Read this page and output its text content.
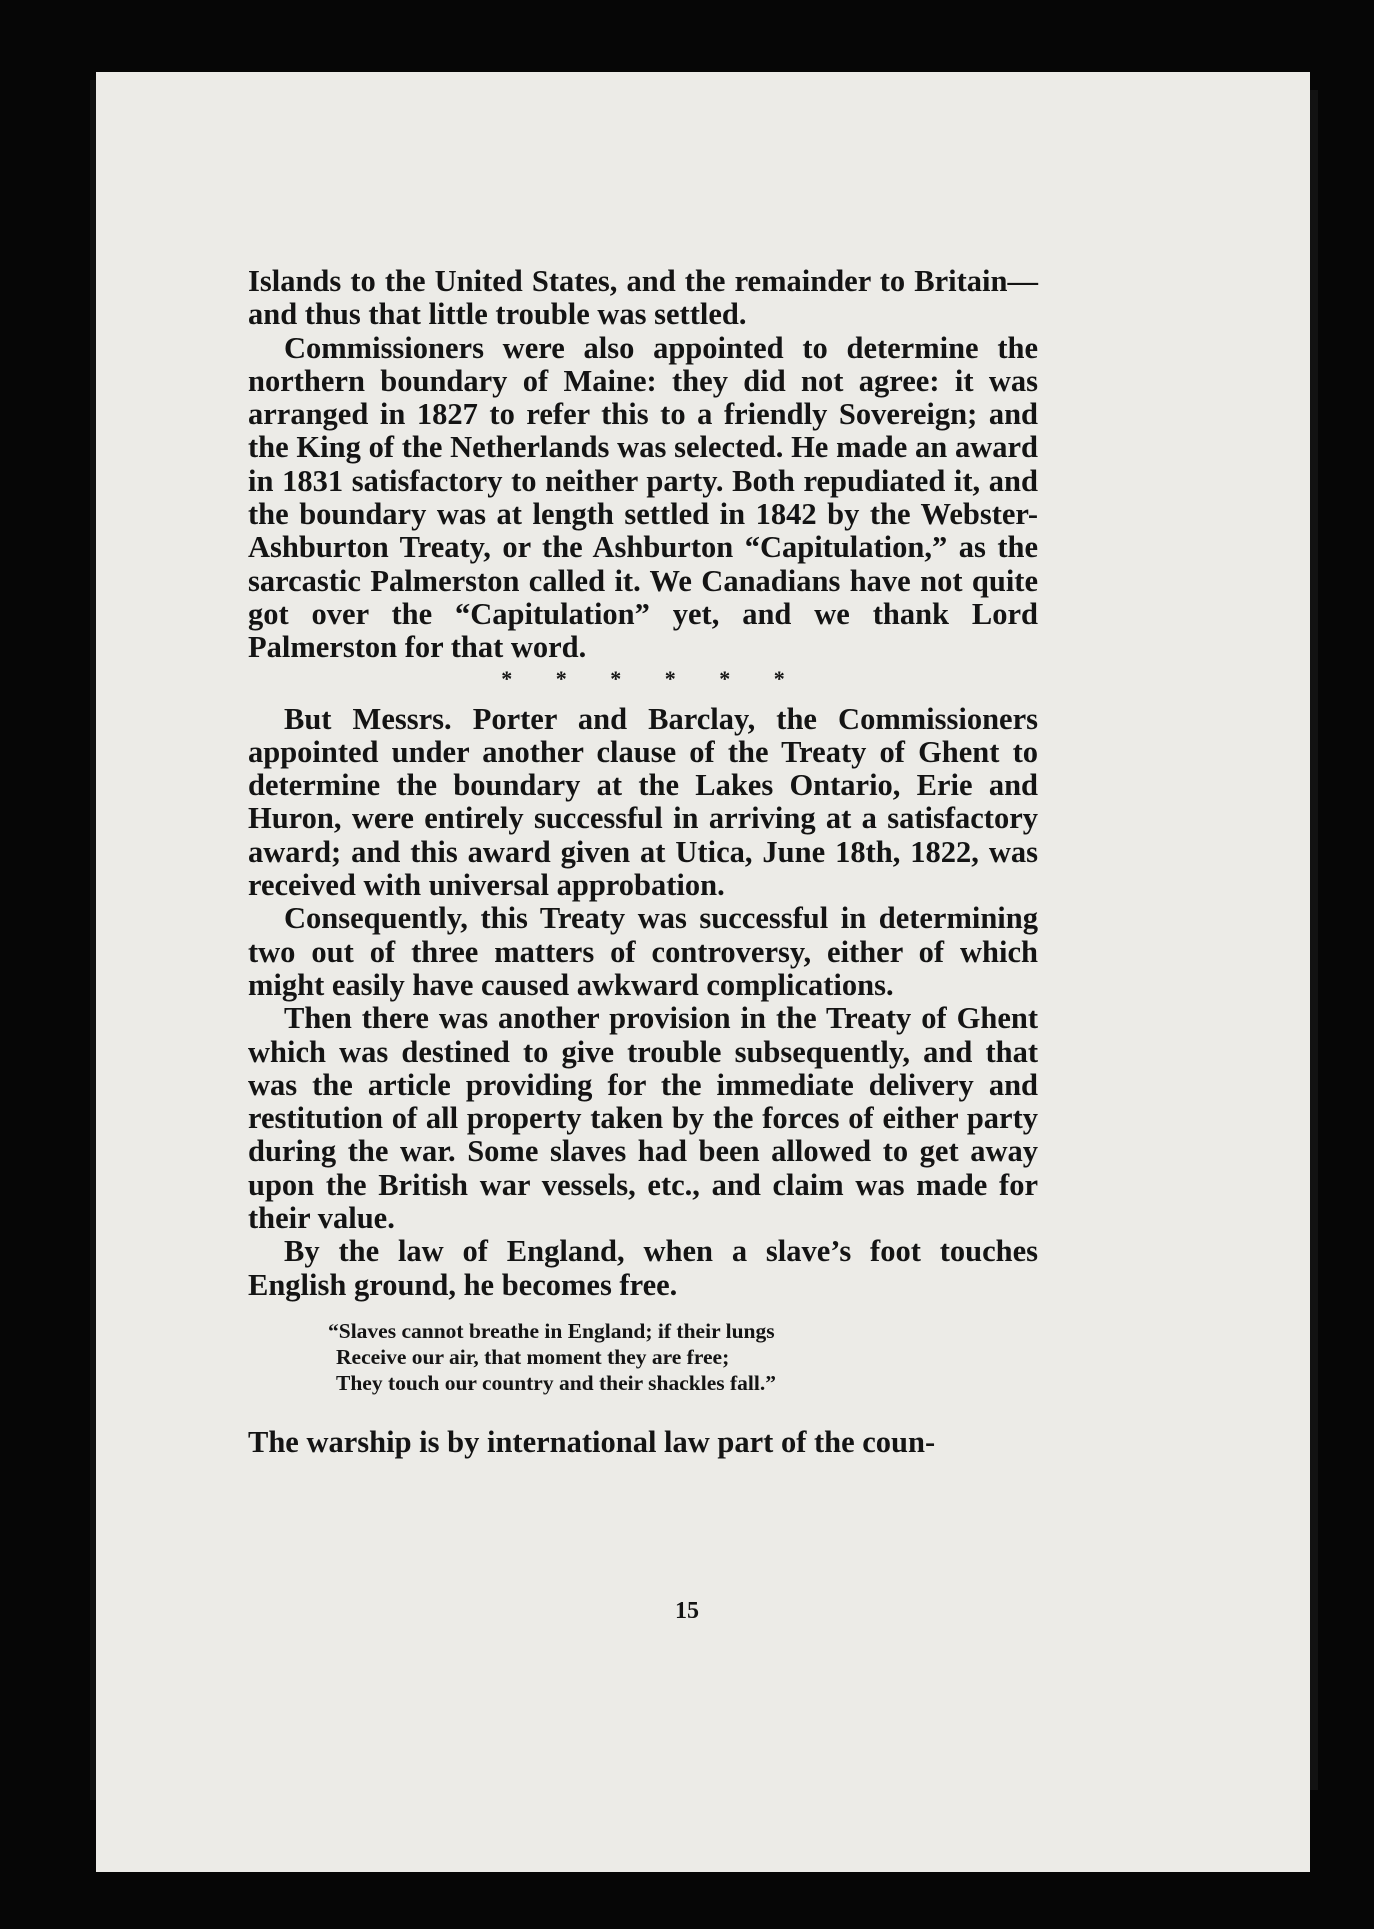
Islands to the United States, and the remainder to Britain—and thus that little trouble was settled.

Commissioners were also appointed to determine the northern boundary of Maine: they did not agree: it was arranged in 1827 to refer this to a friendly Sovereign; and the King of the Netherlands was selected. He made an award in 1831 satisfactory to neither party. Both repudiated it, and the boundary was at length settled in 1842 by the Webster-Ashburton Treaty, or the Ashburton “Capitulation,” as the sarcastic Palmerston called it. We Canadians have not quite got over the “Capitulation” yet, and we thank Lord Palmerston for that word.

* * * * * *

But Messrs. Porter and Barclay, the Commissioners appointed under another clause of the Treaty of Ghent to determine the boundary at the Lakes Ontario, Erie and Huron, were entirely successful in arriving at a satisfactory award; and this award given at Utica, June 18th, 1822, was received with universal approbation.

Consequently, this Treaty was successful in determining two out of three matters of controversy, either of which might easily have caused awkward complications.

Then there was another provision in the Treaty of Ghent which was destined to give trouble subsequently, and that was the article providing for the immediate delivery and restitution of all property taken by the forces of either party during the war. Some slaves had been allowed to get away upon the British war vessels, etc., and claim was made for their value.

By the law of England, when a slave’s foot touches English ground, he becomes free.

“Slaves cannot breathe in England; if their lungs
Receive our air, that moment they are free;
They touch our country and their shackles fall.”

The warship is by international law part of the coun-

15
